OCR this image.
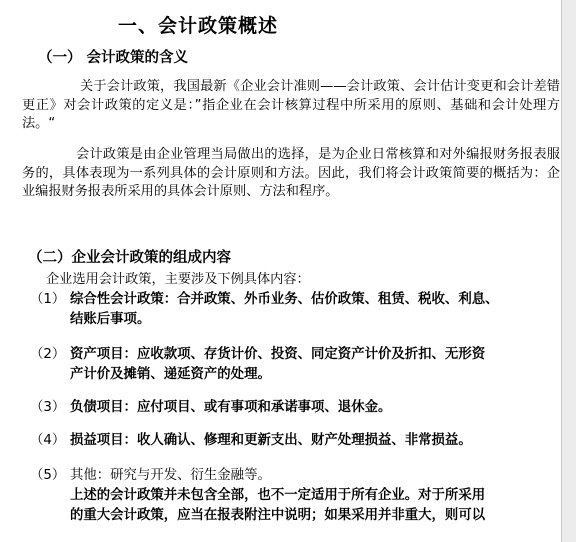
一、会计政策概述
（一） 会计政策的含义
关于会计政策，我国最新《企业会计准则——会计政策、会计估计变更和会计差错更正》对会计政策的定义是：”指企业在会计核算过程中所采用的原则、基础和会计处理方法。“
会计政策是由企业管理当局做出的选择，是为企业日常核算和对外编报财务报表服务的，具体表现为一系列具体的会计原则和方法。因此，我们将会计政策简要的概括为：企业编报财务报表所采用的具体会计原则、方法和程序。
（二）企业会计政策的组成内容
企业选用会计政策，主要涉及下例具体内容：
（1） 综合性会计政策：合并政策、外币业务、估价政策、租赁、税收、利息、
结账后事项。
（2） 资产项目：应收款项、存货计价、投资、同定资产计价及折扣、无形资
产计价及摊销、递延资产的处理。
（3） 负债项目：应付项目、或有事项和承诺事项、退休金。
（4） 损益项目：收人确认、修理和更新支出、财产处理损益、非常损益。
（5） 其他：研究与开发、衍生金融等。
上述的会计政策并未包含全部，也不一定适用于所有企业。对于所采用
的重大会计政策，应当在报表附注中说明；如果采用并非重大，则可以
